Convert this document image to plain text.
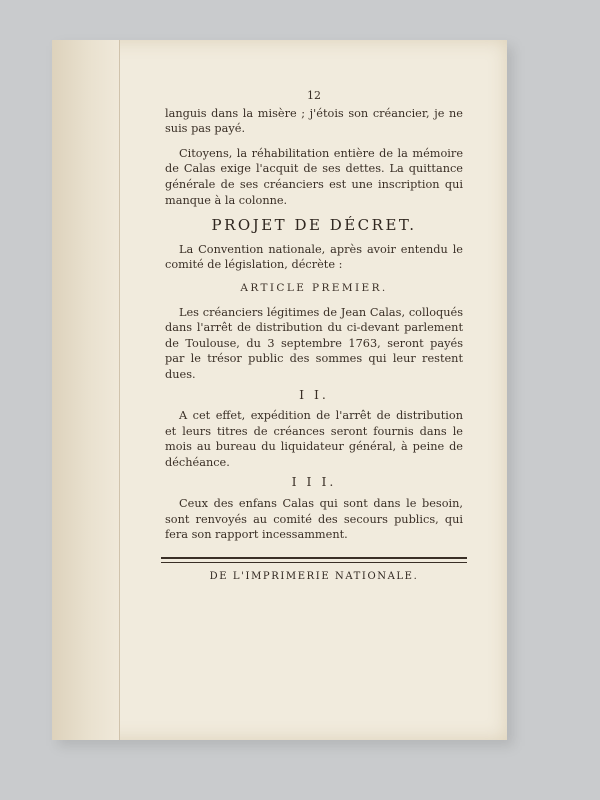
12

languis dans la misère ; j'étois son créancier, je ne suis pas payé.

Citoyens, la réhabilitation entière de la mémoire de Calas exige l'acquit de ses dettes. La quittance générale de ses créanciers est une inscription qui manque à la colonne.

PROJET DE DÉCRET.

La Convention nationale, après avoir entendu le comité de législation, décrète :

ARTICLE PREMIER.

Les créanciers légitimes de Jean Calas, colloqués dans l'arrêt de distribution du ci-devant parlement de Toulouse, du 3 septembre 1763, seront payés par le trésor public des sommes qui leur restent dues.

I I.

A cet effet, expédition de l'arrêt de distribution et leurs titres de créances seront fournis dans le mois au bureau du liquidateur général, à peine de déchéance.

I I I.

Ceux des enfans Calas qui sont dans le besoin, sont renvoyés au comité des secours publics, qui fera son rapport incessamment.

DE L'IMPRIMERIE NATIONALE.
